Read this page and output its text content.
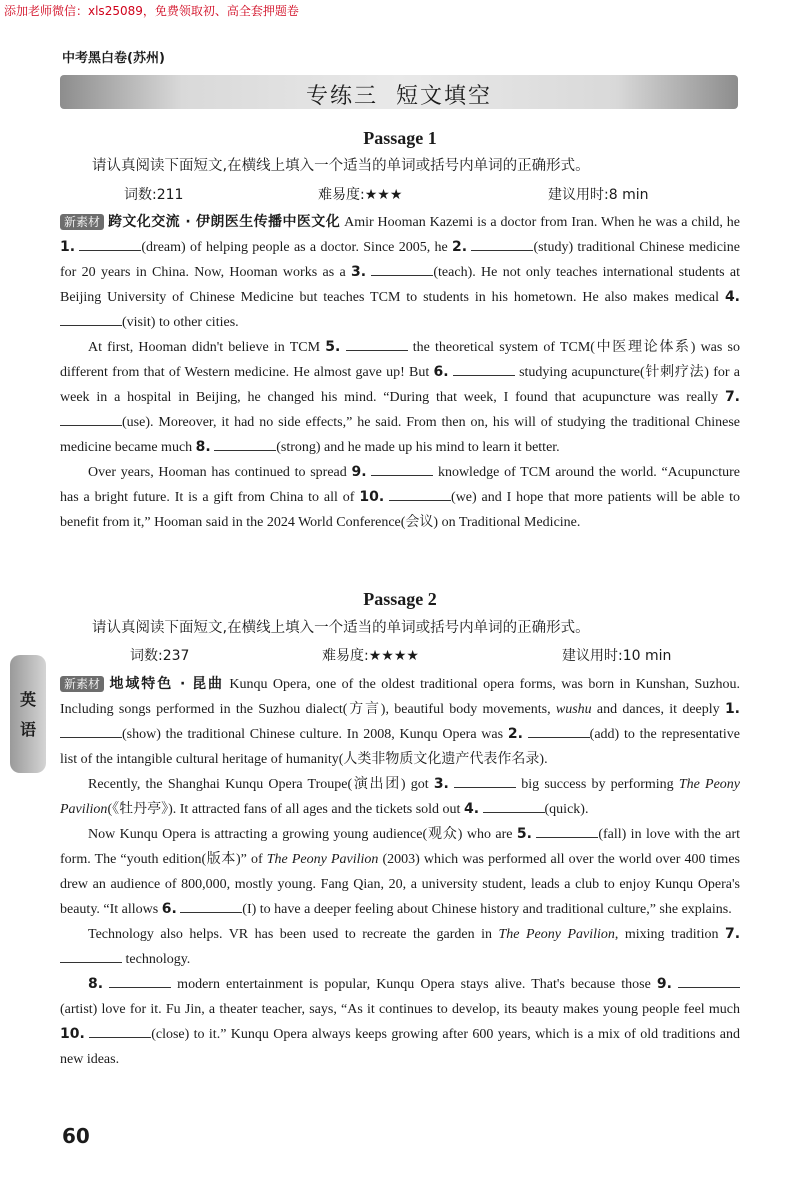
添加老师微信：xls25089，免费领取初、高全套押题卷
中考黑白卷(苏州)
专练三 短文填空
Passage 1
请认真阅读下面短文,在横线上填入一个适当的单词或括号内单词的正确形式。
词数:211	难易度:★★★	建议用时:8 min

新素材 跨文化交流 · 伊朗医生传播中医文化 Amir Hooman Kazemi is a doctor from Iran. When he was a child, he 1.	(dream) of helping people as a doctor. Since 2005, he 2.	(study) traditional Chinese medicine for 20 years in China. Now, Hooman works as a 3.	(teach). He not only teaches international students at Beijing University of Chinese Medicine but teaches TCM to students in his hometown. He also makes medical 4. (visit) to other cities.

At first, Hooman didn't believe in TCM 5.	the theoretical system of TCM(中医理论体系) was so different from that of Western medicine. He almost gave up! But 6.	studying acupuncture(针刺疗法) for a week in a hospital in Beijing, he changed his mind. “During that week, I found that acupuncture was really 7. (use). Moreover, it had no side effects,” he said. From then on, his will of studying the traditional Chinese medicine became much 8.	(strong) and he made up his mind to learn it better.

Over years, Hooman has continued to spread 9.	knowledge of TCM around the world. “Acupuncture has a bright future. It is a gift from China to all of 10.	(we) and I hope that more patients will be able to benefit from it,” Hooman said in the 2024 World Conference(会议) on Traditional Medicine.

Passage 2
请认真阅读下面短文,在横线上填入一个适当的单词或括号内单词的正确形式。
词数:237	难易度:★★★★	建议用时:10 min
英
语

新素材 地域特色 · 昆曲 Kunqu Opera, one of the oldest traditional opera forms, was born in Kunshan, Suzhou. Including songs performed in the Suzhou dialect(方言), beautiful body movements, wushu and dances, it deeply 1. (show) the traditional Chinese culture. In 2008, Kunqu Opera was 2.	(add) to the representative list of the intangible cultural heritage of humanity(人类非物质文化遗产代表作名录).

Recently, the Shanghai Kunqu Opera Troupe(演出团) got 3.	big success by performing The Peony Pavilion(《牡丹亭》). It attracted fans of all ages and the tickets sold out 4.	(quick).

Now Kunqu Opera is attracting a growing young audience(观众) who are 5.	(fall) in love with the art form. The “youth edition(版本)” of The Peony Pavilion (2003) which was performed all over the world over 400 times drew an audience of 800,000, mostly young. Fang Qian, 20, a university student, leads a club to enjoy Kunqu Opera's beauty. “It allows 6.	(I) to have a deeper feeling about Chinese history and traditional culture,” she explains.

Technology also helps. VR has been used to recreate the garden in The Peony Pavilion, mixing tradition 7.  technology.

8.	modern entertainment is popular, Kunqu Opera stays alive. That's because those 9. (artist) love for it. Fu Jin, a theater teacher, says, “As it continues to develop, its beauty makes young people feel much 10.	(close) to it.” Kunqu Opera always keeps growing after 600 years, which is a mix of old traditions and new ideas.

60
